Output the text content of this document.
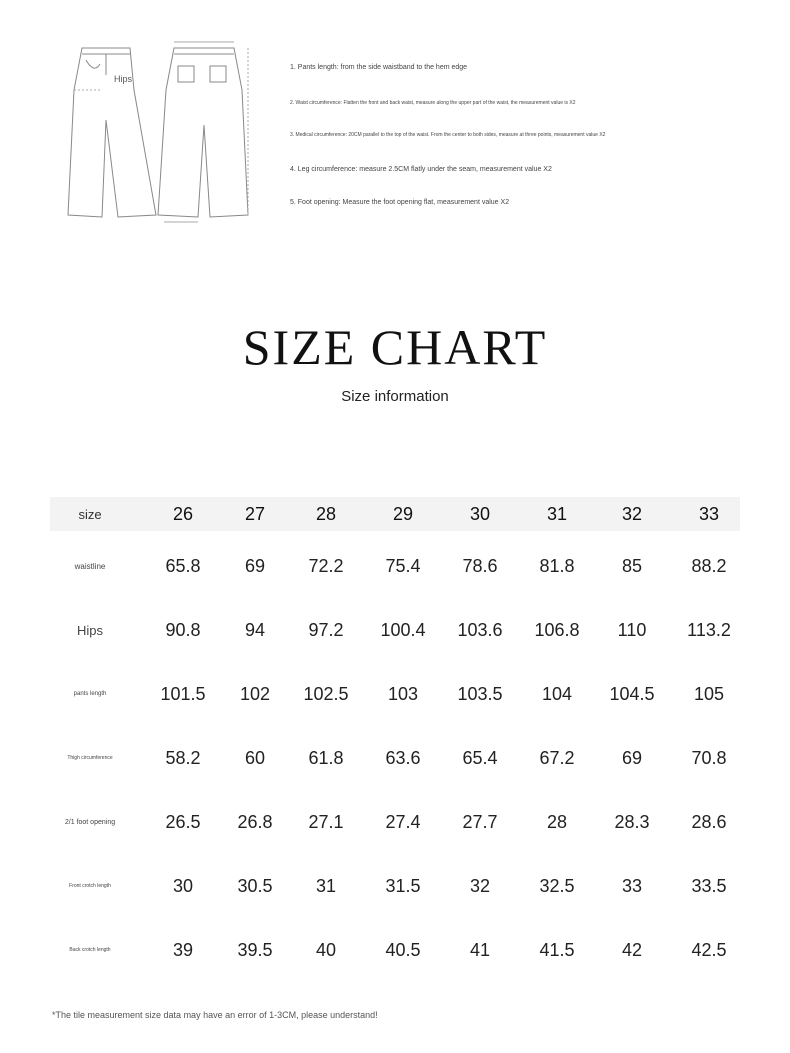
Hips
1. Pants length: from the side waistband to the hem edge
2. Waist circumference: Flatten the front and back waist, measure along the upper part of the waist, the measurement value is X2
3. Medical circumference: 20CM parallel to the top of the waist. From the center to both sides, measure at three points, measurement value X2
4. Leg circumference: measure 2.5CM flatly under the seam, measurement value X2
5. Foot opening: Measure the foot opening flat, measurement value X2
SIZE CHART
Size information
size	26	27	28	29	30	31	32	33
waistline	65.8	69	72.2	75.4	78.6	81.8	85	88.2
Hips	90.8	94	97.2	100.4	103.6	106.8	110	113.2
pants length	101.5	102	102.5	103	103.5	104	104.5	105
Thigh circumference	58.2	60	61.8	63.6	65.4	67.2	69	70.8
2/1 foot opening	26.5	26.8	27.1	27.4	27.7	28	28.3	28.6
Front crotch length	30	30.5	31	31.5	32	32.5	33	33.5
Back crotch length	39	39.5	40	40.5	41	41.5	42	42.5
*The tile measurement size data may have an error of 1-3CM, please understand!
